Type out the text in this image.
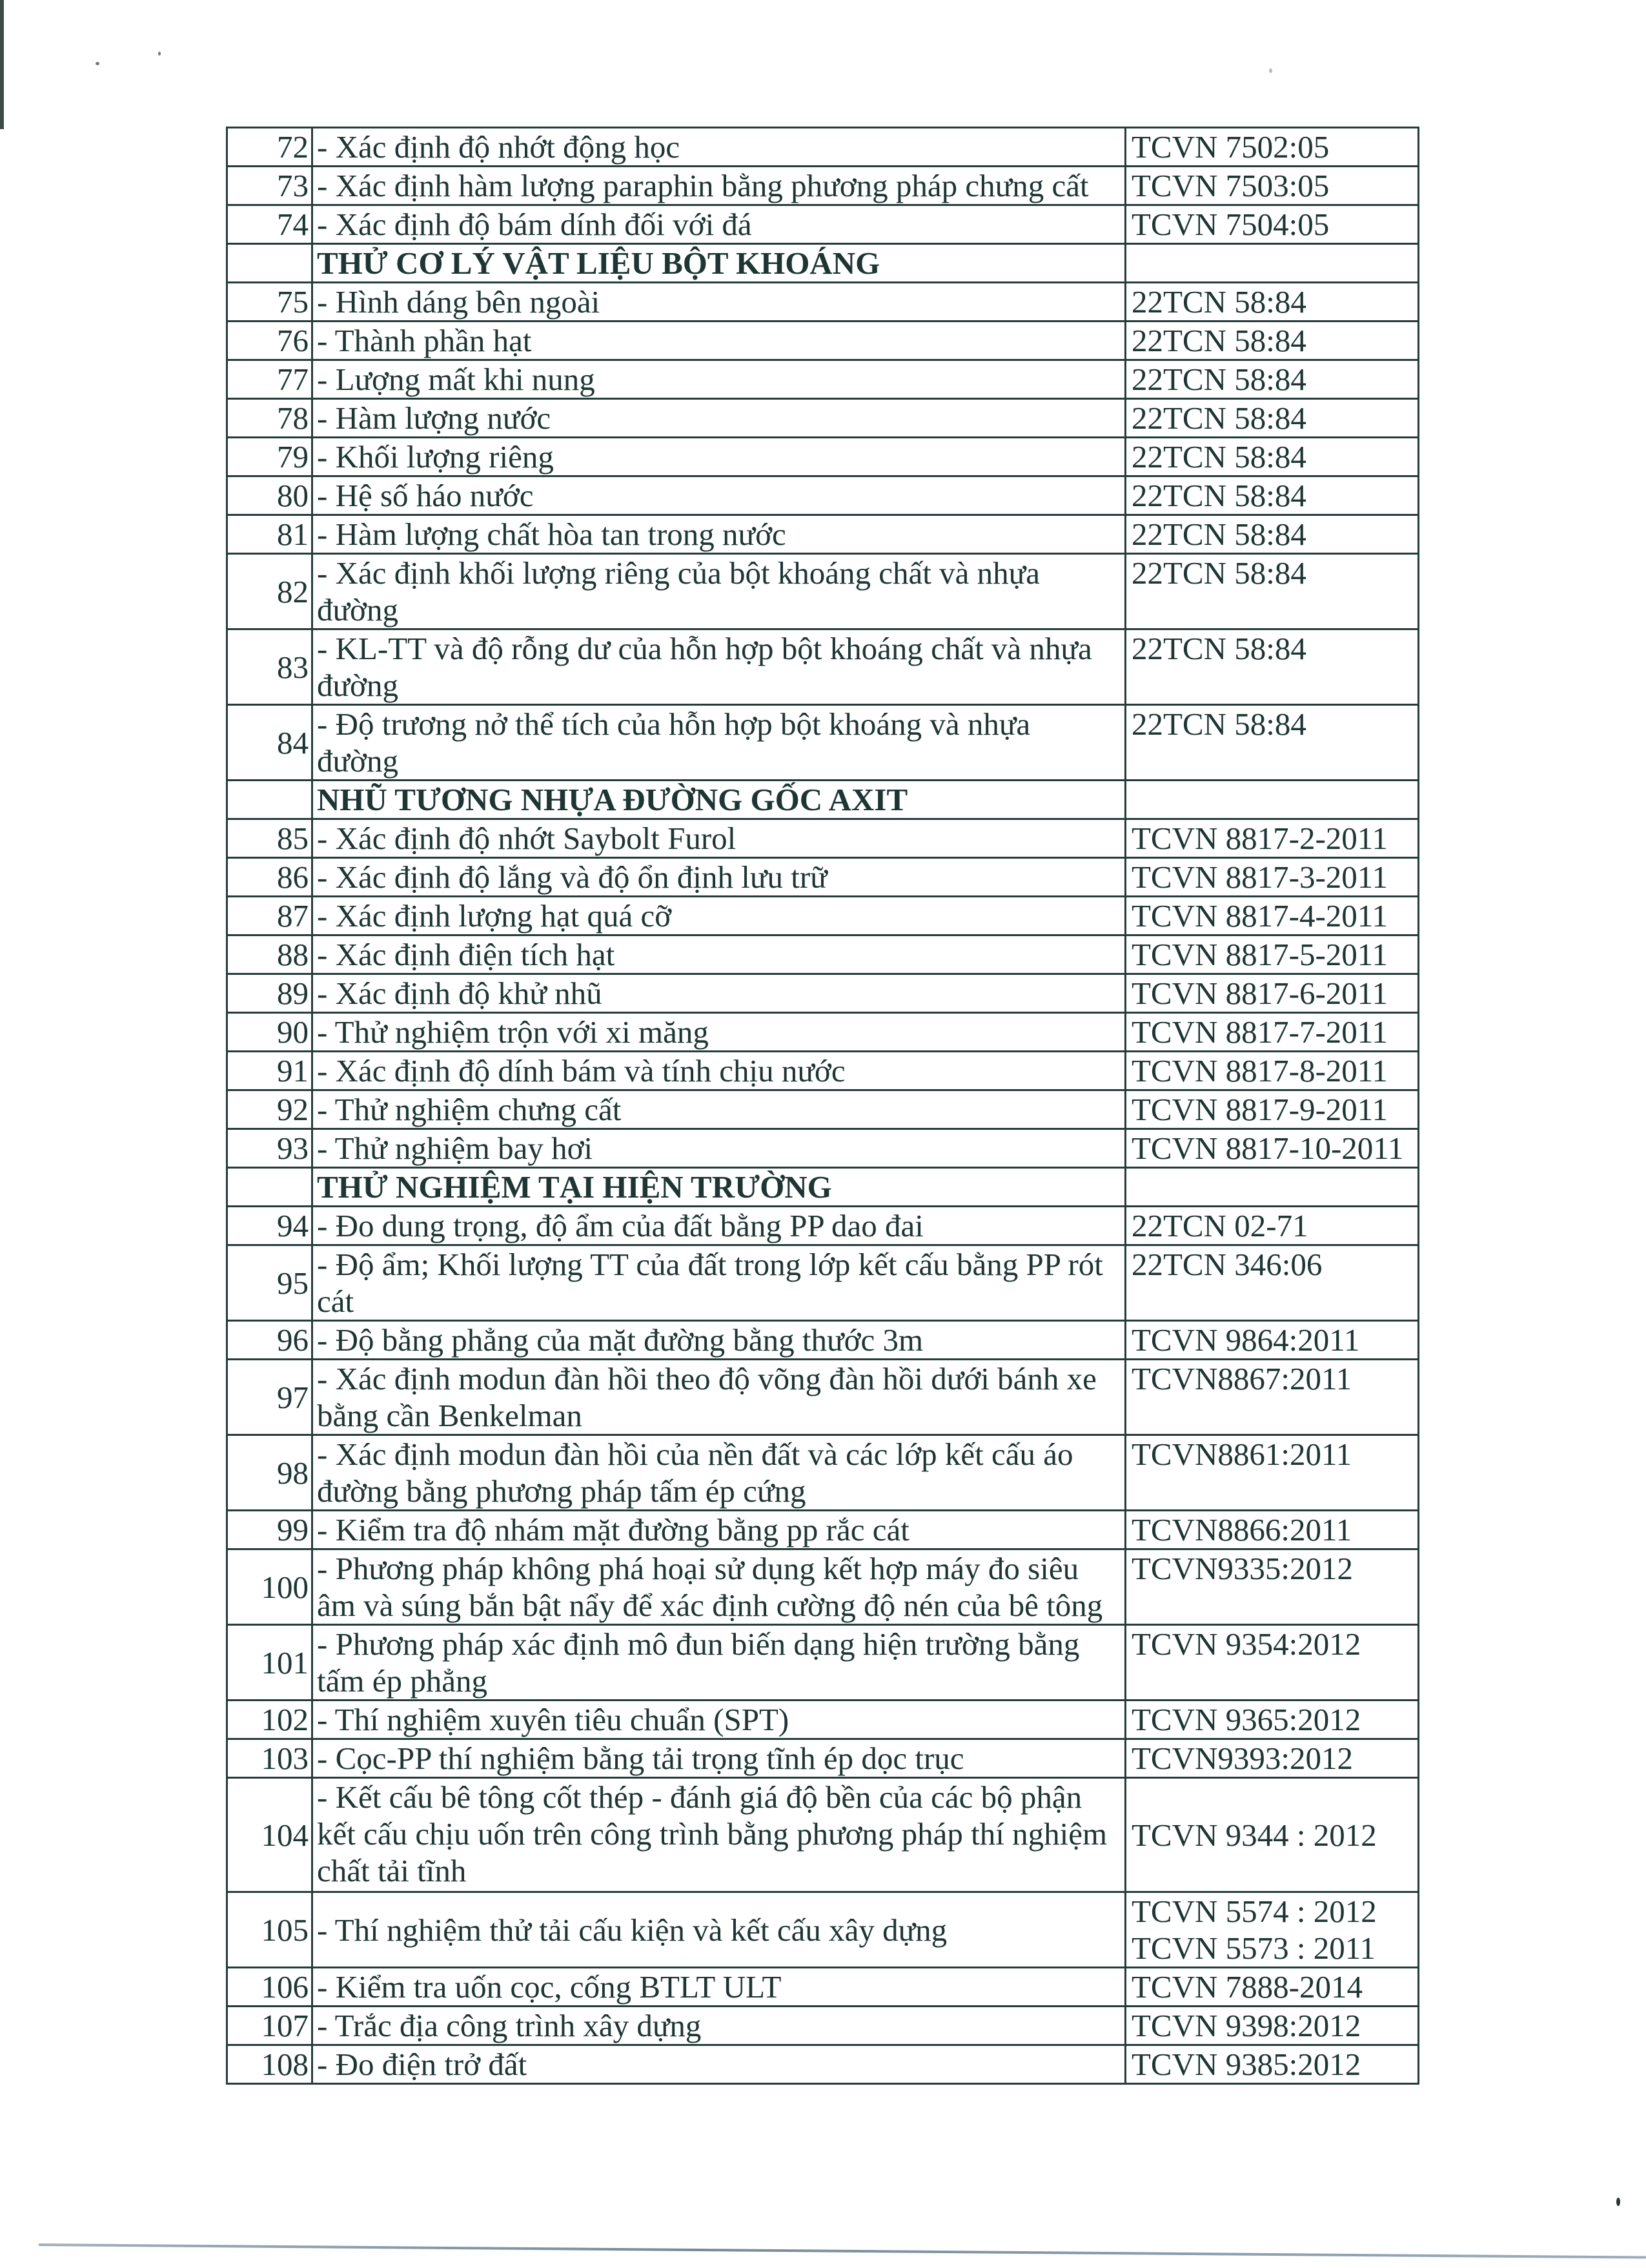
72	- Xác định độ nhớt động học	TCVN 7502:05

73	- Xác định hàm lượng paraphin bằng phương pháp chưng cất	TCVN 7503:05

74	- Xác định độ bám dính đối với đá	TCVN 7504:05

	THỬ CƠ LÝ VẬT LIỆU BỘT KHOÁNG	
75	- Hình dáng bên ngoài	22TCN 58:84

76	- Thành phần hạt	22TCN 58:84

77	- Lượng mất khi nung	22TCN 58:84

78	- Hàm lượng nước	22TCN 58:84

79	- Khối lượng riêng	22TCN 58:84

80	- Hệ số háo nước	22TCN 58:84

81	- Hàm lượng chất hòa tan trong nước	22TCN 58:84

82	- Xác định khối lượng riêng của bột khoáng chất và nhựa đường	22TCN 58:84

83	- KL-TT và độ rỗng dư của hỗn hợp bột khoáng chất và nhựa đường	22TCN 58:84

84	- Độ trương nở thể tích của hỗn hợp bột khoáng và nhựa đường	22TCN 58:84

	NHŨ TƯƠNG NHỰA ĐƯỜNG GỐC AXIT	
85	- Xác định độ nhớt Saybolt Furol	TCVN 8817-2-2011

86	- Xác định độ lắng và độ ổn định lưu trữ	TCVN 8817-3-2011

87	- Xác định lượng hạt quá cỡ	TCVN 8817-4-2011

88	- Xác định điện tích hạt	TCVN 8817-5-2011

89	- Xác định độ khử nhũ	TCVN 8817-6-2011

90	- Thử nghiệm trộn với xi măng	TCVN 8817-7-2011

91	- Xác định độ dính bám và tính chịu nước	TCVN 8817-8-2011

92	- Thử nghiệm chưng cất	TCVN 8817-9-2011

93	- Thử nghiệm bay hơi	TCVN 8817-10-2011

	THỬ NGHIỆM TẠI HIỆN TRƯỜNG	
94	- Đo dung trọng, độ ẩm của đất bằng PP dao đai	22TCN 02-71

95	- Độ ẩm; Khối lượng TT của đất trong lớp kết cấu bằng PP rót cát	22TCN 346:06

96	- Độ bằng phẳng của mặt đường bằng thước 3m	TCVN 9864:2011

97	- Xác định modun đàn hồi theo độ võng đàn hồi dưới bánh xe bằng cần Benkelman	TCVN8867:2011

98	- Xác định modun đàn hồi của nền đất và các lớp kết cấu áo đường bằng phương pháp tấm ép cứng	TCVN8861:2011

99	- Kiểm tra độ nhám mặt đường bằng pp rắc cát	TCVN8866:2011

100	- Phương pháp không phá hoại sử dụng kết hợp máy đo siêu âm và súng bắn bật nẩy để xác định cường độ nén của bê tông	TCVN9335:2012

101	- Phương pháp xác định mô đun biến dạng hiện trường bằng tấm ép phẳng	TCVN 9354:2012

102	- Thí nghiệm xuyên tiêu chuẩn (SPT)	TCVN 9365:2012

103	- Cọc-PP thí nghiệm bằng tải trọng tĩnh ép dọc trục	TCVN9393:2012

104	- Kết cấu bê tông cốt thép - đánh giá độ bền của các bộ phận kết cấu chịu uốn trên công trình bằng phương pháp thí nghiệm chất tải tĩnh	TCVN 9344 : 2012

105	- Thí nghiệm thử tải cấu kiện và kết cấu xây dựng	TCVN 5574 : 2012
TCVN 5573 : 2011

106	- Kiểm tra uốn cọc, cống BTLT ULT	TCVN 7888-2014

107	- Trắc địa công trình xây dựng	TCVN 9398:2012

108	- Đo điện trở đất	TCVN 9385:2012
